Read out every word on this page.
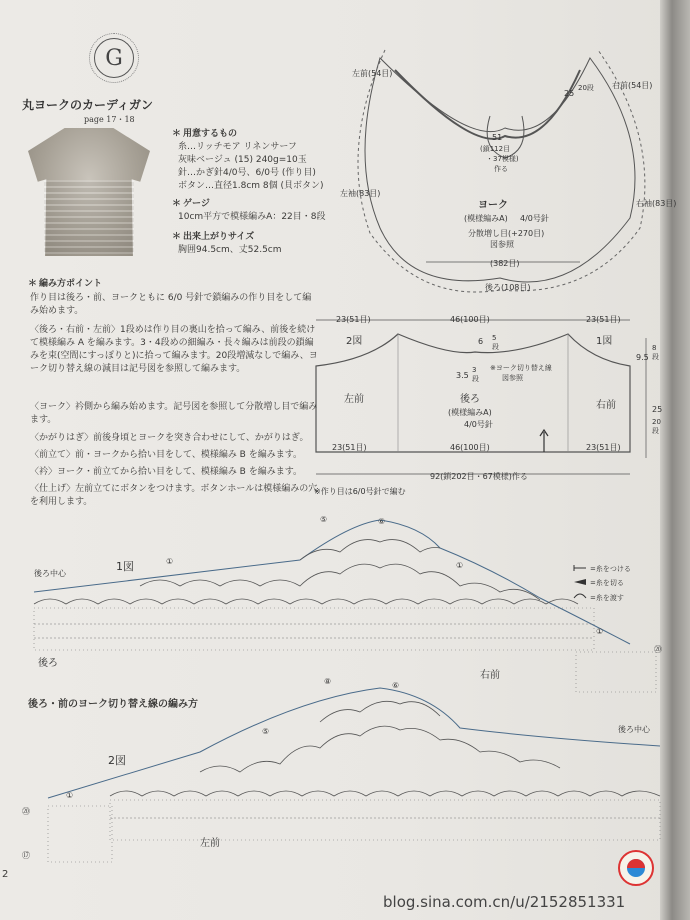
G
丸ヨークのカーディガン
page 17・18
＊ 用意するもの
糸…リッチモア リネンサーフ
灰味ベージュ (15) 240g=10玉
針…かぎ針4/0号、6/0号 (作り目)
ボタン…直径1.8cm 8個 (貝ボタン)
＊ ゲージ
10cm平方で模様編みA：22目・8段
＊ 出来上がりサイズ
胸囲94.5cm、丈52.5cm
＊ 編み方ポイント
作り目は後ろ・前、ヨークともに 6/0 号針で鎖編みの作り目をして編み始めます。
〈後ろ・右前・左前〉1段めは作り目の裏山を拾って編み、前後を続けて模様編み A を編みます。3・4段めの細編み・長々編みは前段の鎖編みを束(空間にすっぽりと)に拾って編みます。20段増減なしで編み、ヨーク切り替え線の減目は記号図を参照して編みます。
〈ヨーク〉衿側から編み始めます。記号図を参照して分散増し目で編みます。
〈かがりはぎ〉前後身頃とヨークを突き合わせにして、かがりはぎ。
〈前立て〉前・ヨークから拾い目をして、模様編み B を編みます。
〈衿〉ヨーク・前立てから拾い目をして、模様編み B を編みます。
〈仕上げ〉左前立てにボタンをつけます。ボタンホールは模様編みの穴を利用します。
左前(54目)
右前(54目)
左袖(83目)
右袖(83目)
25
20段
51
(鎖112目
・37模様)
作る
ヨーク
(模様編みA) 4/0号針
分散増し目(+270目)
図参照
(382目)
後ろ(108目)
23(51目)	46(100目)	23(51目)
2図	1図
6 5
段
3.5
3
段
※ヨーク切り替え線
図参照
左前	後ろ
(模様編みA)
4/0号針
右前
23(51目)	46(100目)	23(51目)
9.5
8
段
25
20
段
92(鎖202目・67模様)作る
※作り目は6/0号針で編む
1図
後ろ中心
後ろ
右前
⑤	⑥
①	①
①
⑳
=糸をつける
=糸を切る
=糸を渡す
後ろ・前のヨーク切り替え線の編み方
2図
後ろ中心
左前
⑧	⑥
⑤
①
⑳
⑰
2
blog.sina.com.cn/u/2152851331
